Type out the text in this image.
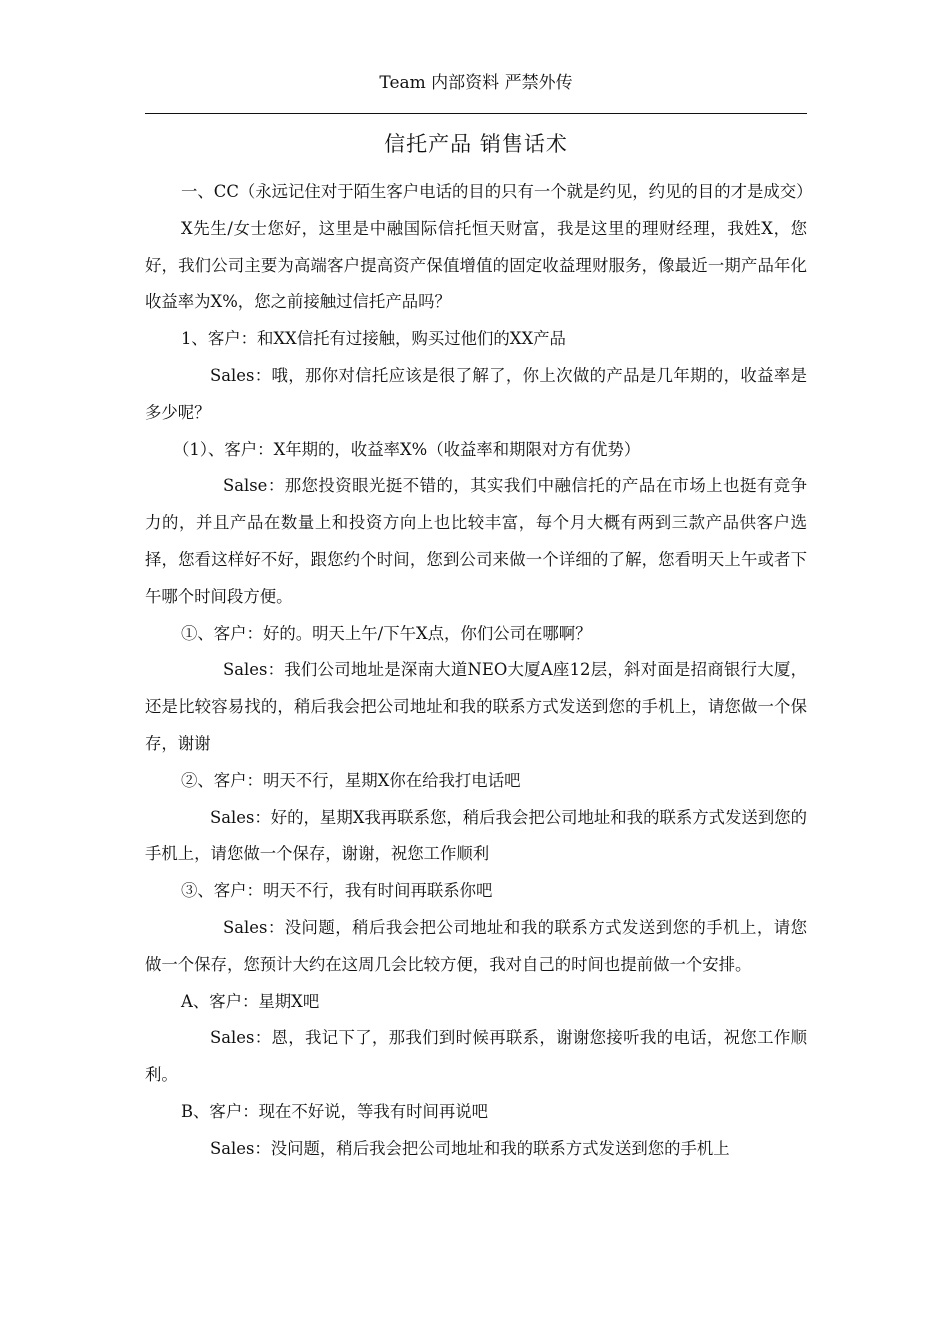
Team 内部资料 严禁外传
信托产品 销售话术

一、CC（永远记住对于陌生客户电话的目的只有一个就是约见，约见的目的才是成交）

X先生/女士您好，这里是中融国际信托恒天财富，我是这里的理财经理，我姓X，您好，我们公司主要为高端客户提高资产保值增值的固定收益理财服务，像最近一期产品年化收益率为X%，您之前接触过信托产品吗？

1、客户：和XX信托有过接触，购买过他们的XX产品

Sales：哦，那你对信托应该是很了解了，你上次做的产品是几年期的，收益率是多少呢？

（1）、客户：X年期的，收益率X%（收益率和期限对方有优势）

Salse：那您投资眼光挺不错的，其实我们中融信托的产品在市场上也挺有竞争力的，并且产品在数量上和投资方向上也比较丰富，每个月大概有两到三款产品供客户选择，您看这样好不好，跟您约个时间，您到公司来做一个详细的了解，您看明天上午或者下午哪个时间段方便。

①、客户：好的。明天上午/下午X点，你们公司在哪啊？

Sales：我们公司地址是深南大道NEO大厦A座12层，斜对面是招商银行大厦，还是比较容易找的，稍后我会把公司地址和我的联系方式发送到您的手机上，请您做一个保存，谢谢

②、客户：明天不行，星期X你在给我打电话吧

Sales：好的，星期X我再联系您，稍后我会把公司地址和我的联系方式发送到您的手机上，请您做一个保存，谢谢，祝您工作顺利

③、客户：明天不行，我有时间再联系你吧

Sales：没问题，稍后我会把公司地址和我的联系方式发送到您的手机上，请您做一个保存，您预计大约在这周几会比较方便，我对自己的时间也提前做一个安排。

A、客户：星期X吧

Sales：恩，我记下了，那我们到时候再联系，谢谢您接听我的电话，祝您工作顺利。

B、客户：现在不好说，等我有时间再说吧

Sales：没问题，稍后我会把公司地址和我的联系方式发送到您的手机上
